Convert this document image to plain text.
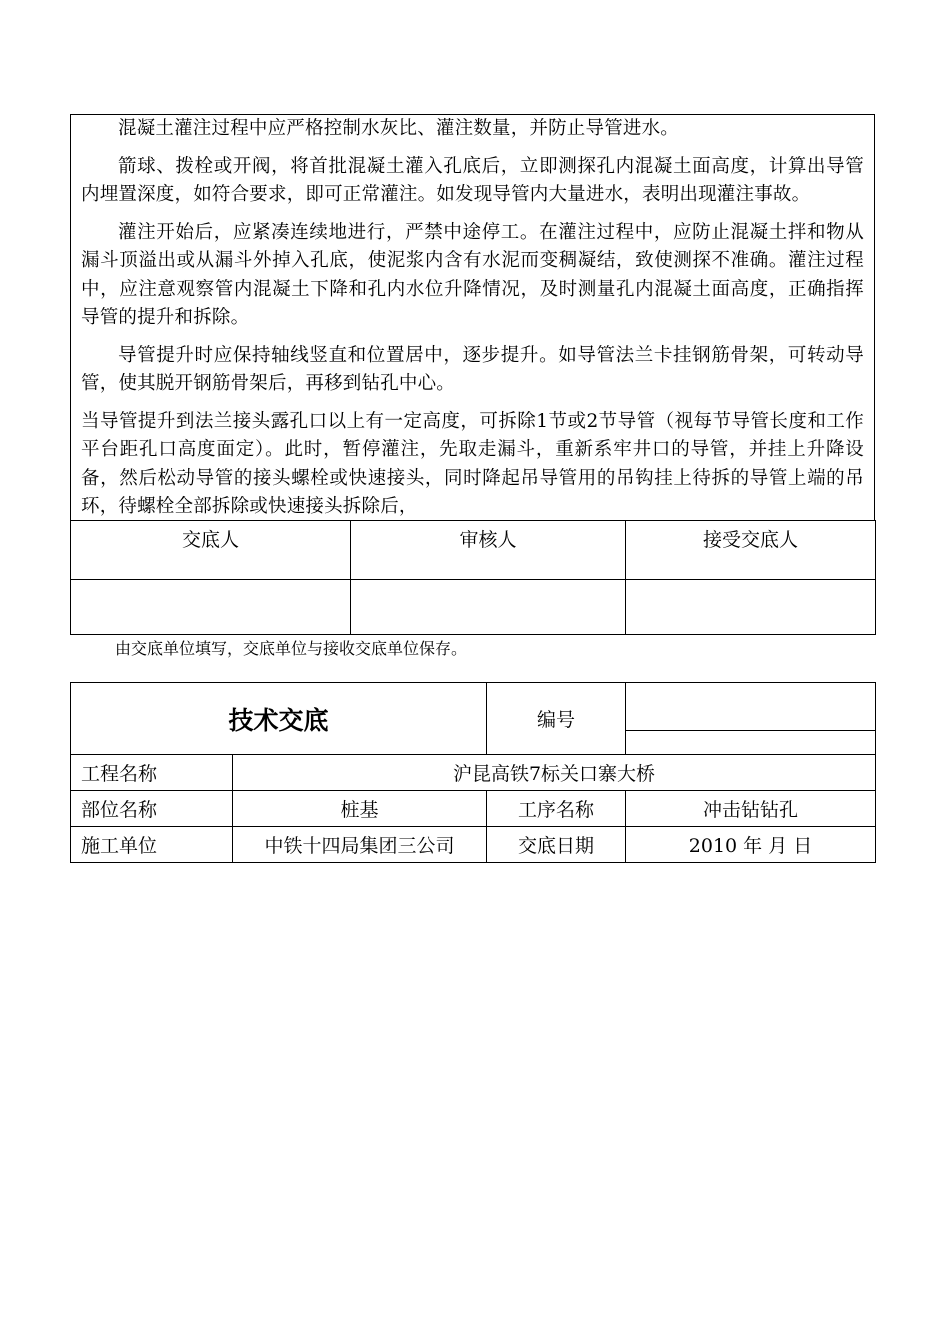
混凝土灌注过程中应严格控制水灰比、灌注数量，并防止导管进水。

箭球、拨栓或开阀，将首批混凝土灌入孔底后，立即测探孔内混凝土面高度，计算出导管内埋置深度，如符合要求，即可正常灌注。如发现导管内大量进水，表明出现灌注事故。

灌注开始后，应紧凑连续地进行，严禁中途停工。在灌注过程中，应防止混凝土拌和物从漏斗顶溢出或从漏斗外掉入孔底，使泥浆内含有水泥而变稠凝结，致使测探不准确。灌注过程中，应注意观察管内混凝土下降和孔内水位升降情况，及时测量孔内混凝土面高度，正确指挥导管的提升和拆除。

导管提升时应保持轴线竖直和位置居中，逐步提升。如导管法兰卡挂钢筋骨架，可转动导管，使其脱开钢筋骨架后，再移到钻孔中心。

当导管提升到法兰接头露孔口以上有一定高度，可拆除1节或2节导管（视每节导管长度和工作平台距孔口高度面定）。此时，暂停灌注，先取走漏斗，重新系牢井口的导管，并挂上升降设备，然后松动导管的接头螺栓或快速接头，同时降起吊导管用的吊钩挂上待拆的导管上端的吊环，待螺栓全部拆除或快速接头拆除后，

交底人	审核人	接受交底人

由交底单位填写，交底单位与接收交底单位保存。
技术交底		编号	

工程名称	沪昆高铁7标关口寨大桥		
部位名称	桩基	工序名称	冲击钻钻孔
施工单位	中铁十四局集团三公司	交底日期	2010 年 月 日
